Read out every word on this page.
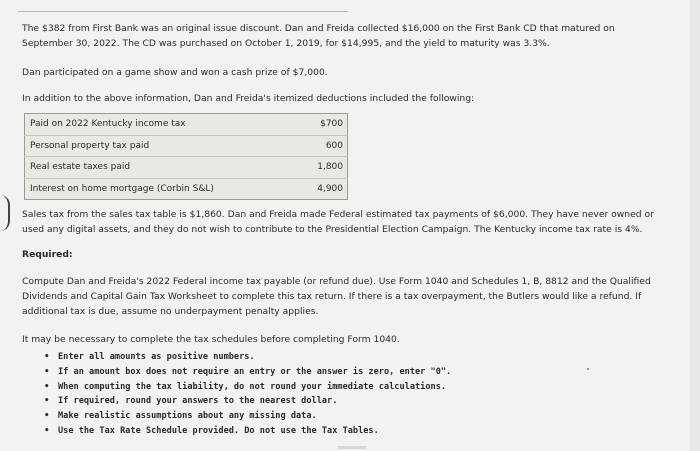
The $382 from First Bank was an original issue discount. Dan and Freida collected $16,000 on the First Bank CD that matured on

September 30, 2022. The CD was purchased on October 1, 2019, for $14,995, and the yield to maturity was 3.3%.

Dan participated on a game show and won a cash prize of $7,000.
In addition to the above information, Dan and Freida's itemized deductions included the following:
Paid on 2022 Kentucky income tax	$700
Personal property tax paid	600
Real estate taxes paid	1,800
Interest on home mortgage (Corbin S&L)	4,900

Sales tax from the sales tax table is $1,860. Dan and Freida made Federal estimated tax payments of $6,000. They have never owned or

used any digital assets, and they do not wish to contribute to the Presidential Election Campaign. The Kentucky income tax rate is 4%.

Required:

Compute Dan and Freida's 2022 Federal income tax payable (or refund due). Use Form 1040 and Schedules 1, B, 8812 and the Qualified

Dividends and Capital Gain Tax Worksheet to complete this tax return. If there is a tax overpayment, the Butlers would like a refund. If

additional tax is due, assume no underpayment penalty applies.

It may be necessary to complete the tax schedules before completing Form 1040.
• Enter all amounts as positive numbers.
• If an amount box does not require an entry or the answer is zero, enter "0".
• When computing the tax liability, do not round your immediate calculations.
• If required, round your answers to the nearest dollar.
• Make realistic assumptions about any missing data.
• Use the Tax Rate Schedule provided. Do not use the Tax Tables.
